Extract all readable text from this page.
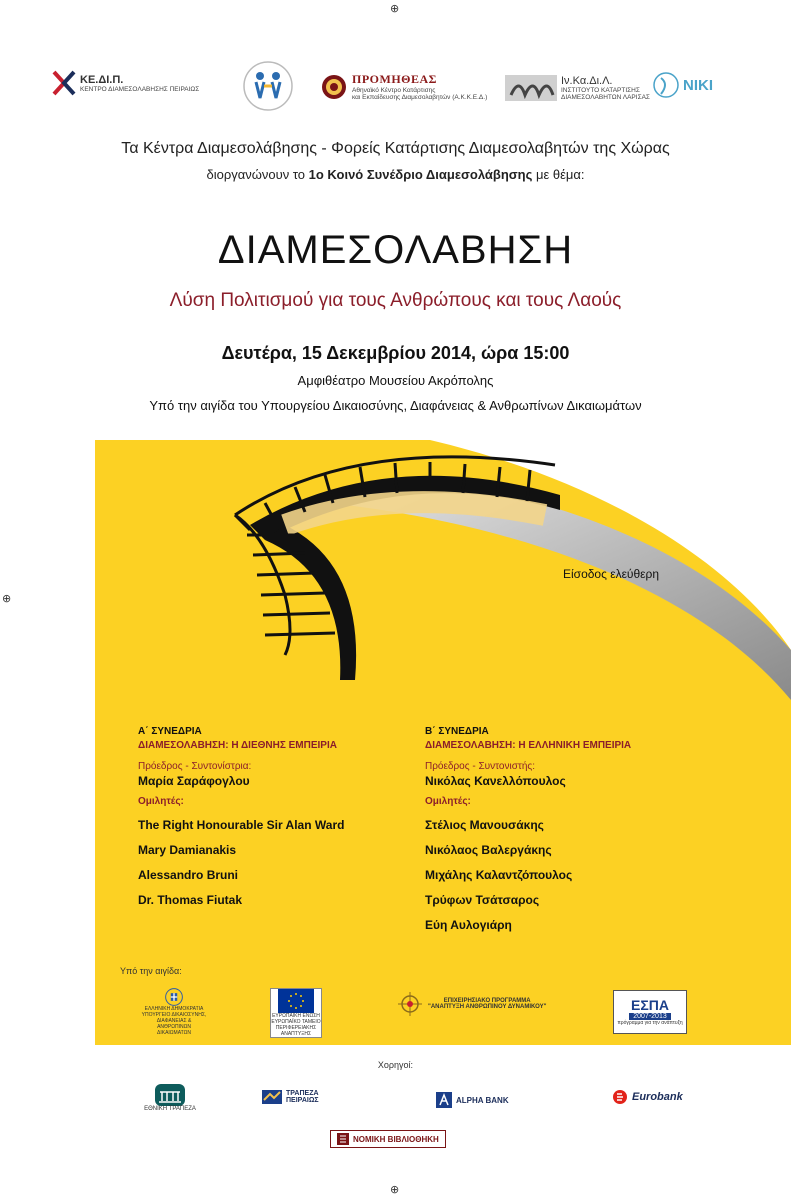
⊕
⊕
⊕
ΚΕ.ΔΙ.Π.
ΚΕΝΤΡΟ ΔΙΑΜΕΣΟΛΑΒΗΣΗΣ ΠΕΙΡΑΙΩΣ
ΠΡΟΜΗΘΕΑΣ
Αθηναϊκό Κέντρο Κατάρτισης
και Εκπαίδευσης Διαμεσολαβητών (Α.Κ.Κ.Ε.Δ.)
Ιν.Κα.Δι.Λ.
ΙΝΣΤΙΤΟΥΤΟ ΚΑΤΑΡΤΙΣΗΣ
ΔΙΑΜΕΣΟΛΑΒΗΤΩΝ ΛΑΡΙΣΑΣ
NIKI
Τα Κέντρα Διαμεσολάβησης - Φορείς Κατάρτισης Διαμεσολαβητών της Χώρας
διοργανώνουν το 1ο Κοινό Συνέδριο Διαμεσολάβησης με θέμα:
ΔΙΑΜΕΣΟΛΑΒΗΣΗ
Λύση Πολιτισμού για τους Ανθρώπους και τους Λαούς
Δευτέρα, 15 Δεκεμβρίου 2014, ώρα 15:00
Αμφιθέατρο Μουσείου Ακρόπολης
Υπό την αιγίδα του Υπουργείου Δικαιοσύνης, Διαφάνειας & Ανθρωπίνων Δικαιωμάτων
Είσοδος ελεύθερη
Α΄ ΣΥΝΕΔΡΙΑ
ΔΙΑΜΕΣΟΛΑΒΗΣΗ: Η ΔΙΕΘΝΗΣ ΕΜΠΕΙΡΙΑ
Πρόεδρος - Συντονίστρια:
Μαρία Σαράφογλου
Ομιλητές:
The Right Honourable Sir Alan Ward
Mary Damianakis
Alessandro Bruni
Dr. Thomas Fiutak
Β΄ ΣΥΝΕΔΡΙΑ
ΔΙΑΜΕΣΟΛΑΒΗΣΗ: Η ΕΛΛΗΝΙΚΗ ΕΜΠΕΙΡΙΑ
Πρόεδρος - Συντονιστής:
Νικόλας Κανελλόπουλος
Ομιλητές:
Στέλιος Μανουσάκης
Νικόλαος Βαλεργάκης
Μιχάλης Καλαντζόπουλος
Τρύφων Τσάτσαρος
Εύη Αυλογιάρη
Υπό την αιγίδα:
ΕΛΛΗΝΙΚΗ ΔΗΜΟΚΡΑΤΙΑ
ΥΠΟΥΡΓΕΙΟ ΔΙΚΑΙΟΣΥΝΗΣ,
ΔΙΑΦΑΝΕΙΑΣ & ΑΝΘΡΩΠΙΝΩΝ ΔΙΚΑΙΩΜΑΤΩΝ
ΕΥΡΩΠΑΪΚΗ ΕΝΩΣΗ
ΕΥΡΩΠΑΪΚΟ ΤΑΜΕΙΟ
ΠΕΡΙΦΕΡΕΙΑΚΗΣ ΑΝΑΠΤΥΞΗΣ
ΕΠΙΧΕΙΡΗΣΙΑΚΟ ΠΡΟΓΡΑΜΜΑ
"ΑΝΑΠΤΥΞΗ ΑΝΘΡΩΠΙΝΟΥ ΔΥΝΑΜΙΚΟΥ"	ΕΣΠΑ
2007-2013
πρόγραμμα για την ανάπτυξη
Χορηγοί:
ΕΘΝΙΚΗ ΤΡΑΠΕΖΑ
ΤΡΑΠΕΖΑ
ΠΕΙΡΑΙΩΣ	ALPHA BANK	Eurobank
ΝΟΜΙΚΗ ΒΙΒΛΙΟΘΗΚΗ
